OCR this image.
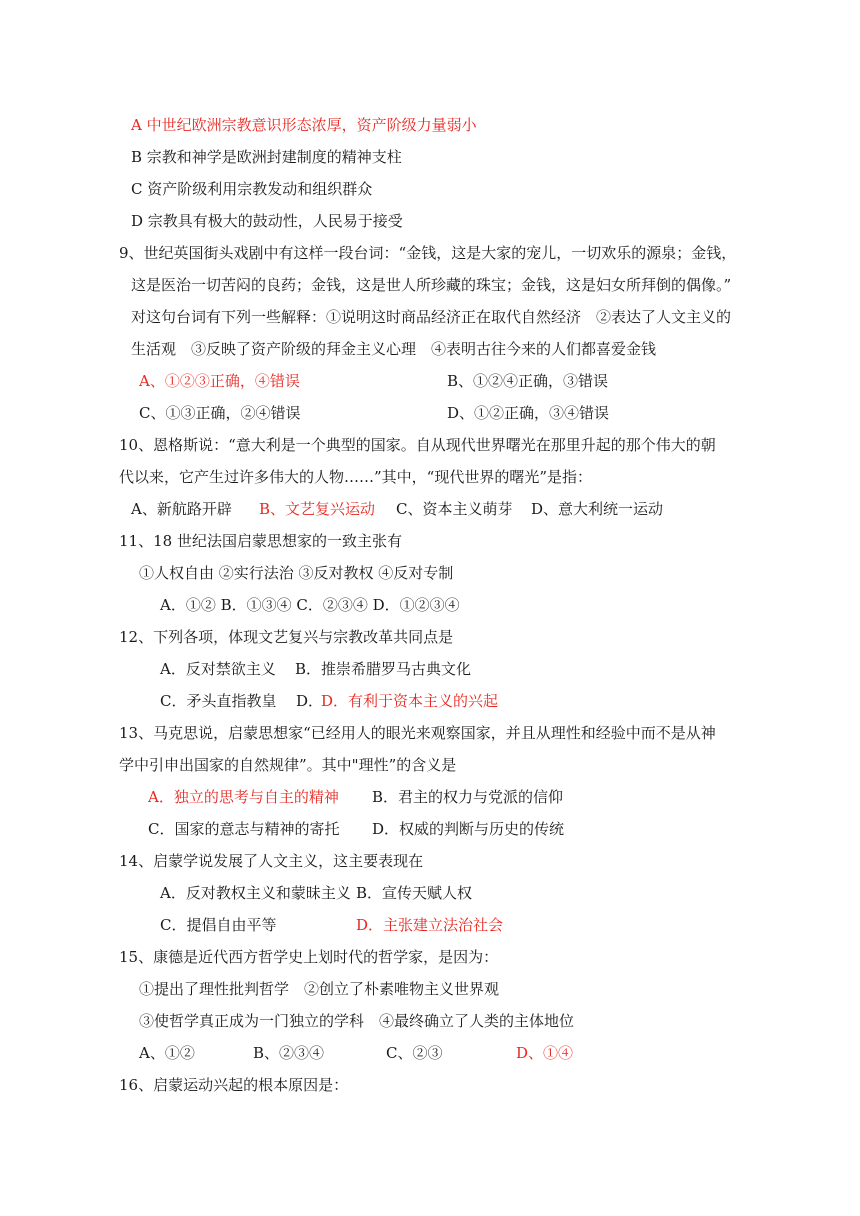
A 中世纪欧洲宗教意识形态浓厚，资产阶级力量弱小
B 宗教和神学是欧洲封建制度的精神支柱
C 资产阶级利用宗教发动和组织群众
D 宗教具有极大的鼓动性，人民易于接受
9、世纪英国街头戏剧中有这样一段台词：“金钱，这是大家的宠儿，一切欢乐的源泉；金钱，
这是医治一切苦闷的良药；金钱，这是世人所珍藏的珠宝；金钱，这是妇女所拜倒的偶像。”
对这句台词有下列一些解释：①说明这时商品经济正在取代自然经济　②表达了人文主义的
生活观　③反映了资产阶级的拜金主义心理　④表明古往今来的人们都喜爱金钱
A、①②③正确，④错误	B、①②④正确，③错误
C、①③正确，②④错误	D、①②正确，③④错误
10、恩格斯说：“意大利是一个典型的国家。自从现代世界曙光在那里升起的那个伟大的朝
代以来，它产生过许多伟大的人物……”其中，“现代世界的曙光”是指：
A、新航路开辟 B、文艺复兴运动 C、资本主义萌芽 D、意大利统一运动
11、18 世纪法国启蒙思想家的一致主张有
①人权自由 ②实行法治 ③反对教权 ④反对专制
A．①② B．①③④ C．②③④ D．①②③④
12、下列各项，体现文艺复兴与宗教改革共同点是
A．反对禁欲主义 B．推崇希腊罗马古典文化
C．矛头直指教皇 D．
D．有利于资本主义的兴起
13、马克思说，启蒙思想家“已经用人的眼光来观察国家，并且从理性和经验中而不是从神
学中引申出国家的自然规律”。其中"理性”的含义是
A．独立的思考与自主的精神 B．君主的权力与党派的信仰
C．国家的意志与精神的寄托 D．权威的判断与历史的传统
14、启蒙学说发展了人文主义，这主要表现在
A．反对教权主义和蒙昧主义 B．宣传天赋人权
C．提倡自由平等	D．主张建立法治社会
15、康德是近代西方哲学史上划时代的哲学家，是因为：
①提出了理性批判哲学　②创立了朴素唯物主义世界观
③使哲学真正成为一门独立的学科　④最终确立了人类的主体地位
A、①②	B、②③④	C、②③	D、①④
16、启蒙运动兴起的根本原因是：
